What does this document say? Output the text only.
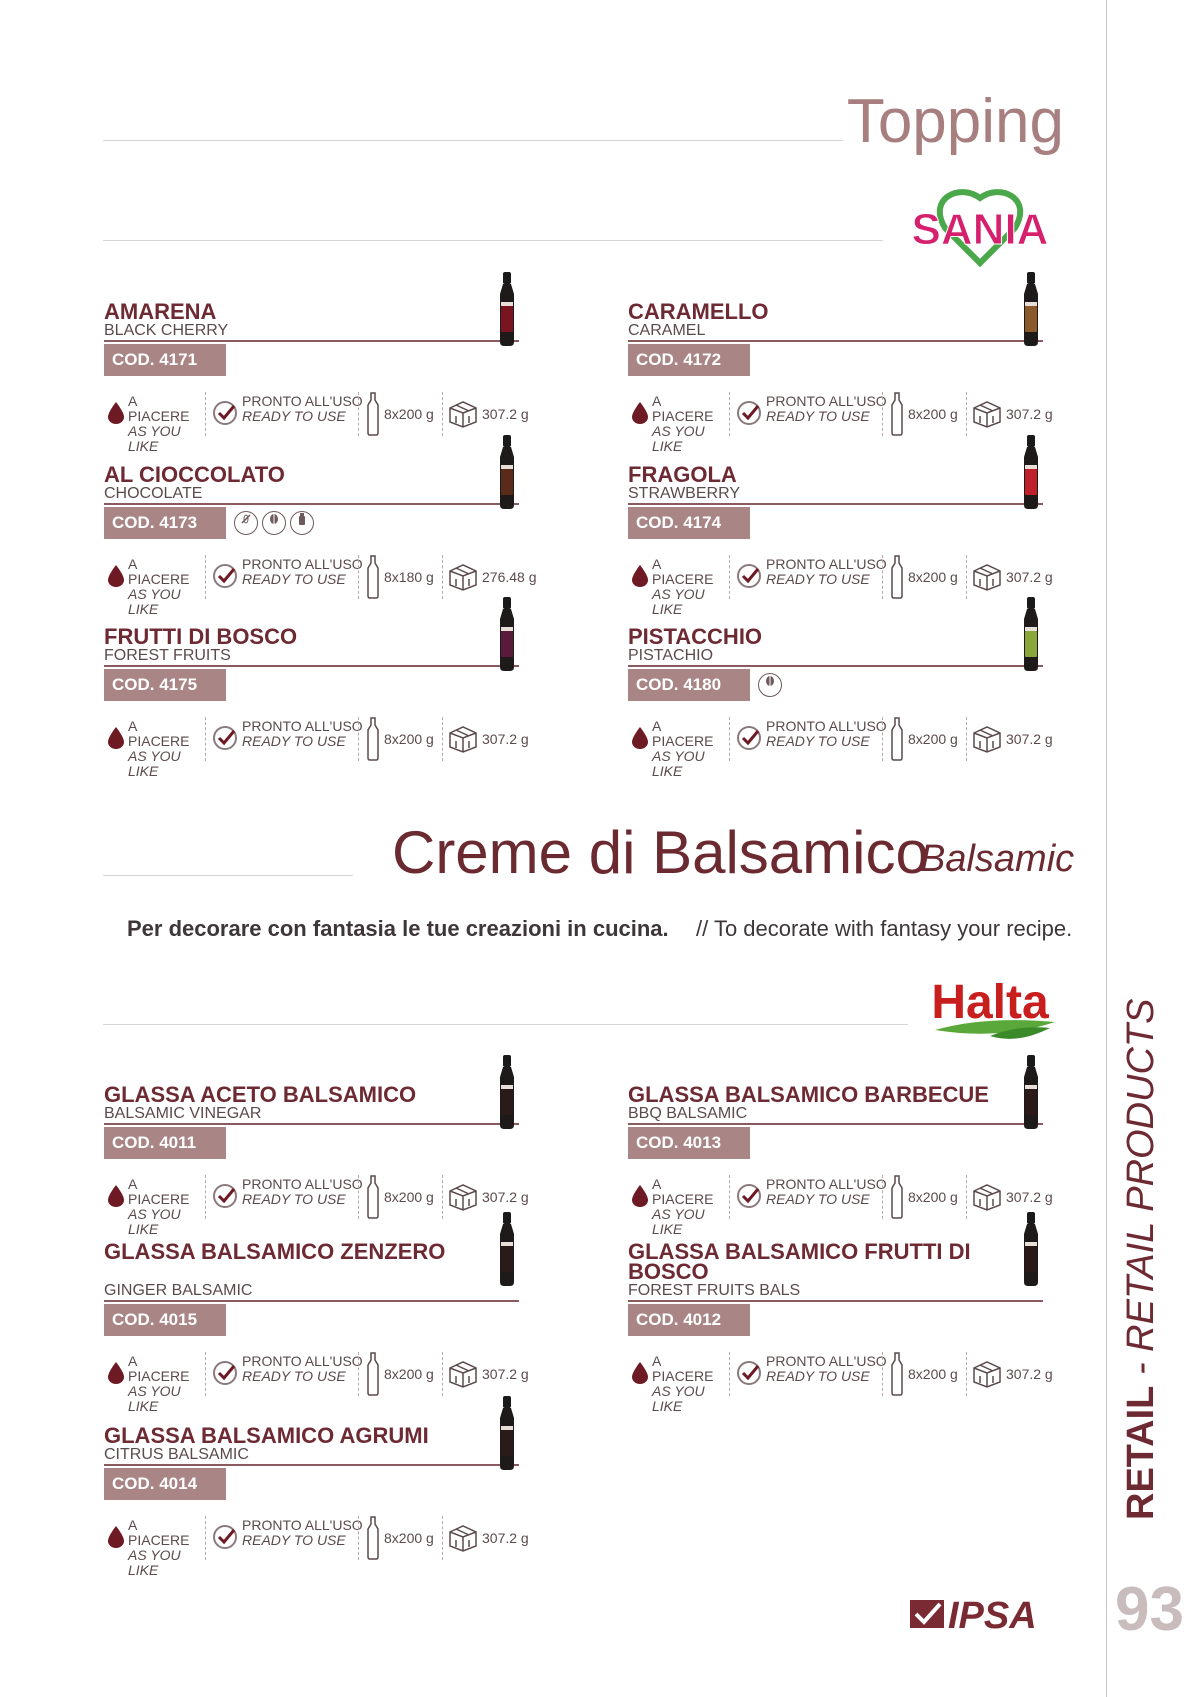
Topping
SANIA
AMARENA
BLACK CHERRY
COD. 4171
A PIACERE
AS YOU LIKE
PRONTO ALL'USO
READY TO USE	8x200 g	307.2 g
CARAMELLO
CARAMEL
COD. 4172
A PIACERE
AS YOU LIKE
PRONTO ALL'USO
READY TO USE	8x200 g	307.2 g
AL CIOCCOLATO
CHOCOLATE
COD. 4173
A PIACERE
AS YOU LIKE
PRONTO ALL'USO
READY TO USE	8x180 g	276.48 g
FRAGOLA
STRAWBERRY
COD. 4174
A PIACERE
AS YOU LIKE
PRONTO ALL'USO
READY TO USE	8x200 g	307.2 g
FRUTTI DI BOSCO
FOREST FRUITS
COD. 4175
A PIACERE
AS YOU LIKE
PRONTO ALL'USO
READY TO USE	8x200 g	307.2 g
PISTACCHIO
PISTACHIO
COD. 4180
A PIACERE
AS YOU LIKE
PRONTO ALL'USO
READY TO USE	8x200 g	307.2 g
Creme di Balsamico
Balsamic
Per decorare con fantasia le tue creazioni in cucina. // To decorate with fantasy your recipe.
Halta
GLASSA ACETO BALSAMICO
BALSAMIC VINEGAR
COD. 4011
A PIACERE
AS YOU LIKE
PRONTO ALL'USO
READY TO USE	8x200 g	307.2 g
GLASSA BALSAMICO BARBECUE
BBQ BALSAMIC
COD. 4013
A PIACERE
AS YOU LIKE
PRONTO ALL'USO
READY TO USE	8x200 g	307.2 g
GLASSA BALSAMICO ZENZERO
GINGER BALSAMIC
COD. 4015
A PIACERE
AS YOU LIKE
PRONTO ALL'USO
READY TO USE	8x200 g	307.2 g
GLASSA BALSAMICO FRUTTI DI BOSCO
FOREST FRUITS BALS
COD. 4012
A PIACERE
AS YOU LIKE
PRONTO ALL'USO
READY TO USE	8x200 g	307.2 g
GLASSA BALSAMICO AGRUMI
CITRUS BALSAMIC
COD. 4014
A PIACERE
AS YOU LIKE
PRONTO ALL'USO
READY TO USE	8x200 g	307.2 g
RETAIL - RETAIL PRODUCTS
93
IPSA
